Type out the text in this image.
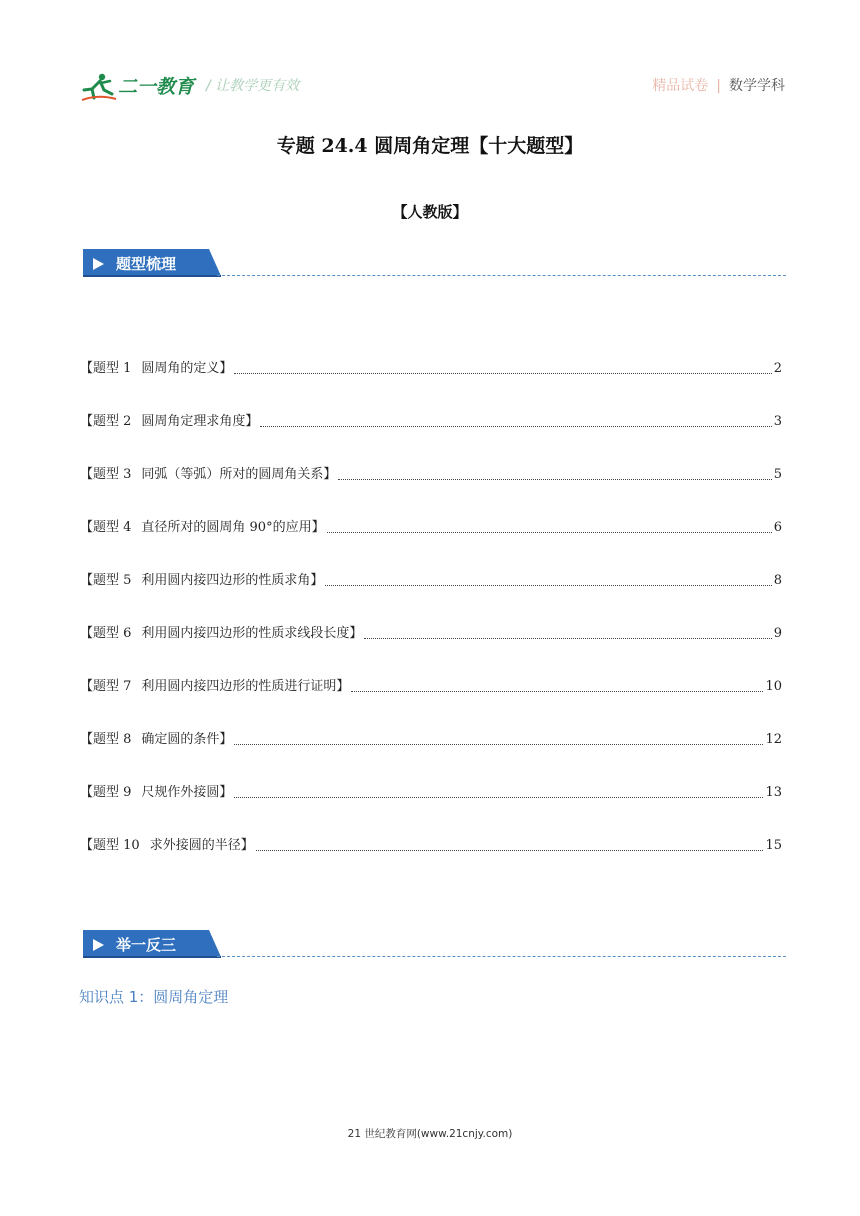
二一教育 / 让教学更有效	精品试卷 | 数学学科
专题 24.4 圆周角定理【十大题型】
【人教版】
题型梳理
【题型 1 圆周角的定义】	2
【题型 2 圆周角定理求角度】	3
【题型 3 同弧（等弧）所对的圆周角关系】	5
【题型 4 直径所对的圆周角 90°的应用】	6
【题型 5 利用圆内接四边形的性质求角】	8
【题型 6 利用圆内接四边形的性质求线段长度】	9
【题型 7 利用圆内接四边形的性质进行证明】	10
【题型 8 确定圆的条件】	12
【题型 9 尺规作外接圆】	13
【题型 10 求外接圆的半径】	15
举一反三
知识点 1：圆周角定理
21 世纪教育网(www.21cnjy.com)
